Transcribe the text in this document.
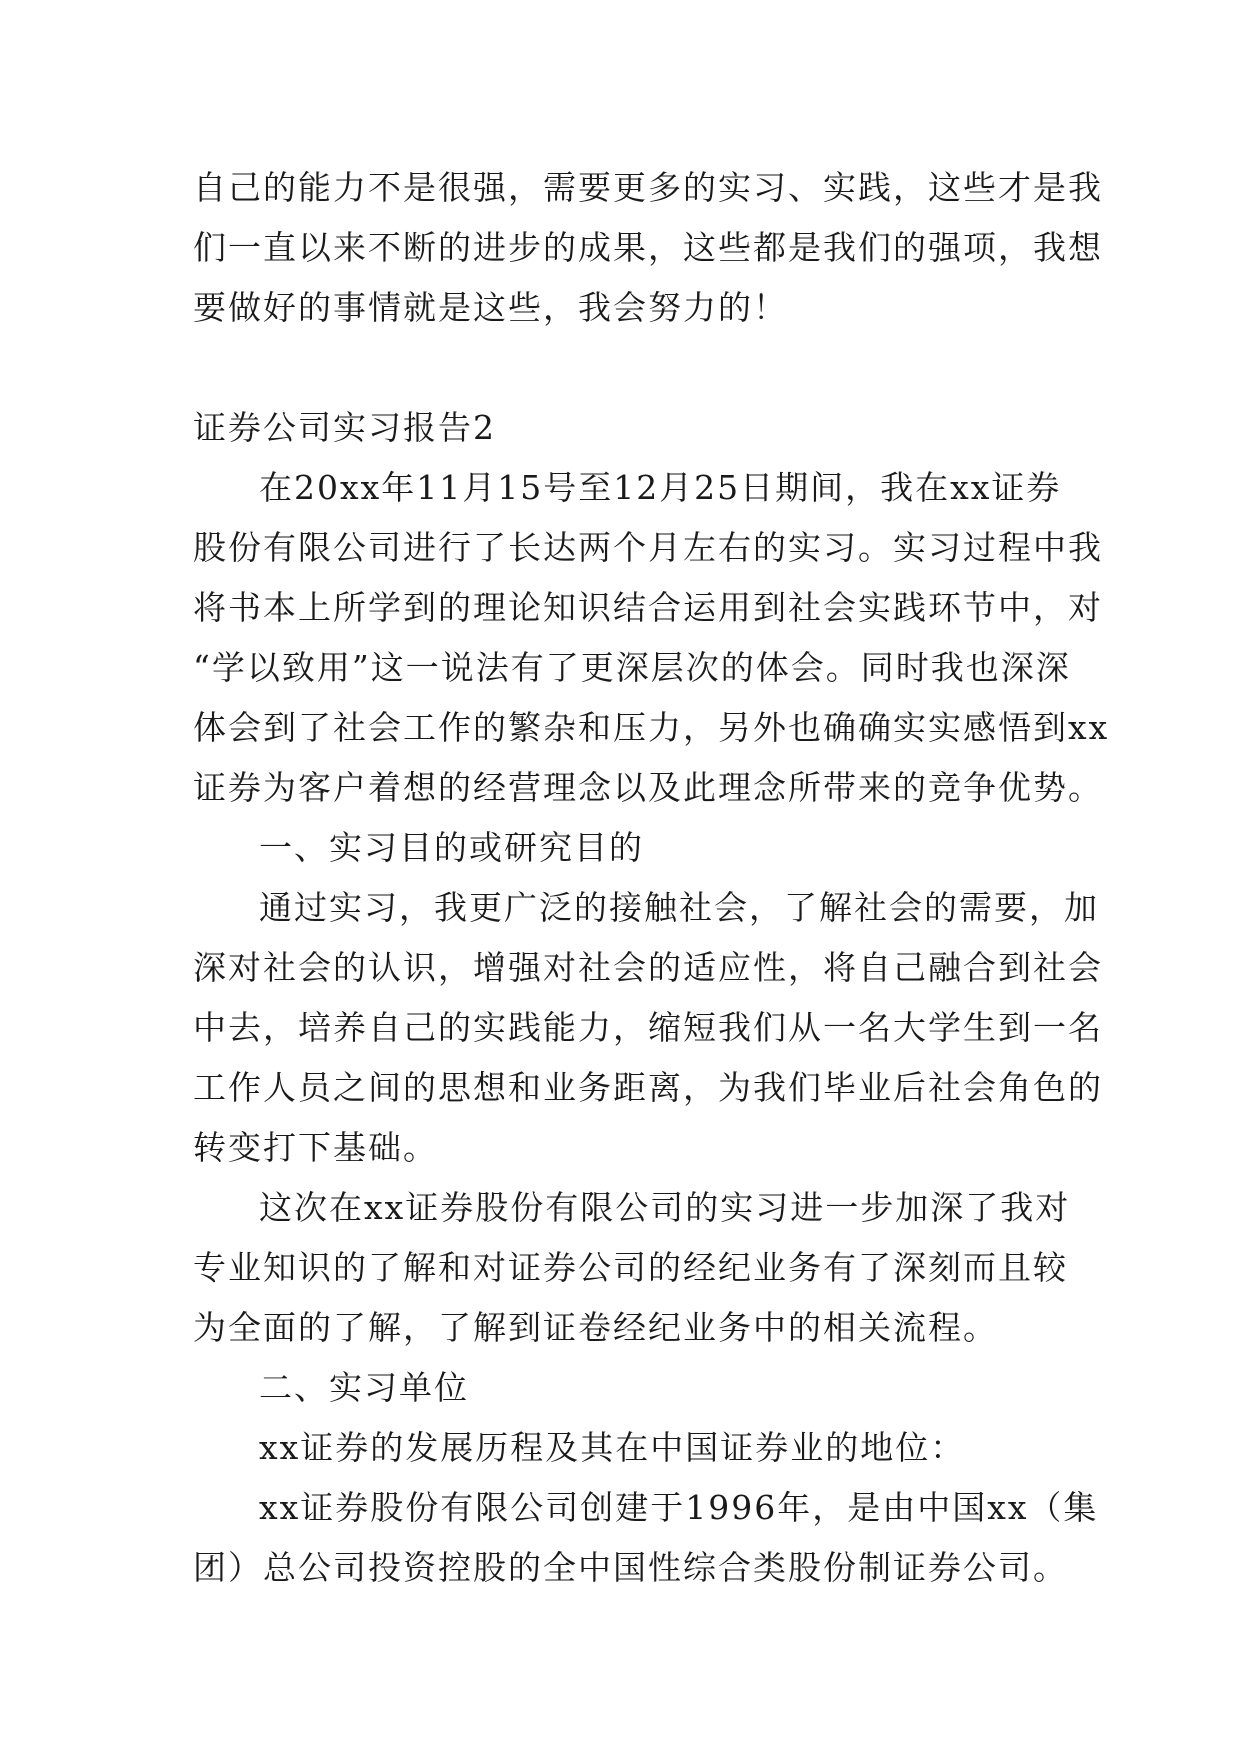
自己的能力不是很强，需要更多的实习、实践，这些才是我
们一直以来不断的进步的成果，这些都是我们的强项，我想
要做好的事情就是这些，我会努力的！
证券公司实习报告2
在20xx年11月15号至12月25日期间，我在xx证券
股份有限公司进行了长达两个月左右的实习。实习过程中我
将书本上所学到的理论知识结合运用到社会实践环节中，对
“学以致用”这一说法有了更深层次的体会。同时我也深深
体会到了社会工作的繁杂和压力，另外也确确实实感悟到xx
证券为客户着想的经营理念以及此理念所带来的竞争优势。
一、实习目的或研究目的
通过实习，我更广泛的接触社会，了解社会的需要，加
深对社会的认识，增强对社会的适应性，将自己融合到社会
中去，培养自己的实践能力，缩短我们从一名大学生到一名
工作人员之间的思想和业务距离，为我们毕业后社会角色的
转变打下基础。
这次在xx证券股份有限公司的实习进一步加深了我对
专业知识的了解和对证券公司的经纪业务有了深刻而且较
为全面的了解，了解到证卷经纪业务中的相关流程。
二、实习单位
xx证券的发展历程及其在中国证券业的地位：
xx证券股份有限公司创建于1996年，是由中国xx（集
团）总公司投资控股的全中国性综合类股份制证券公司。
